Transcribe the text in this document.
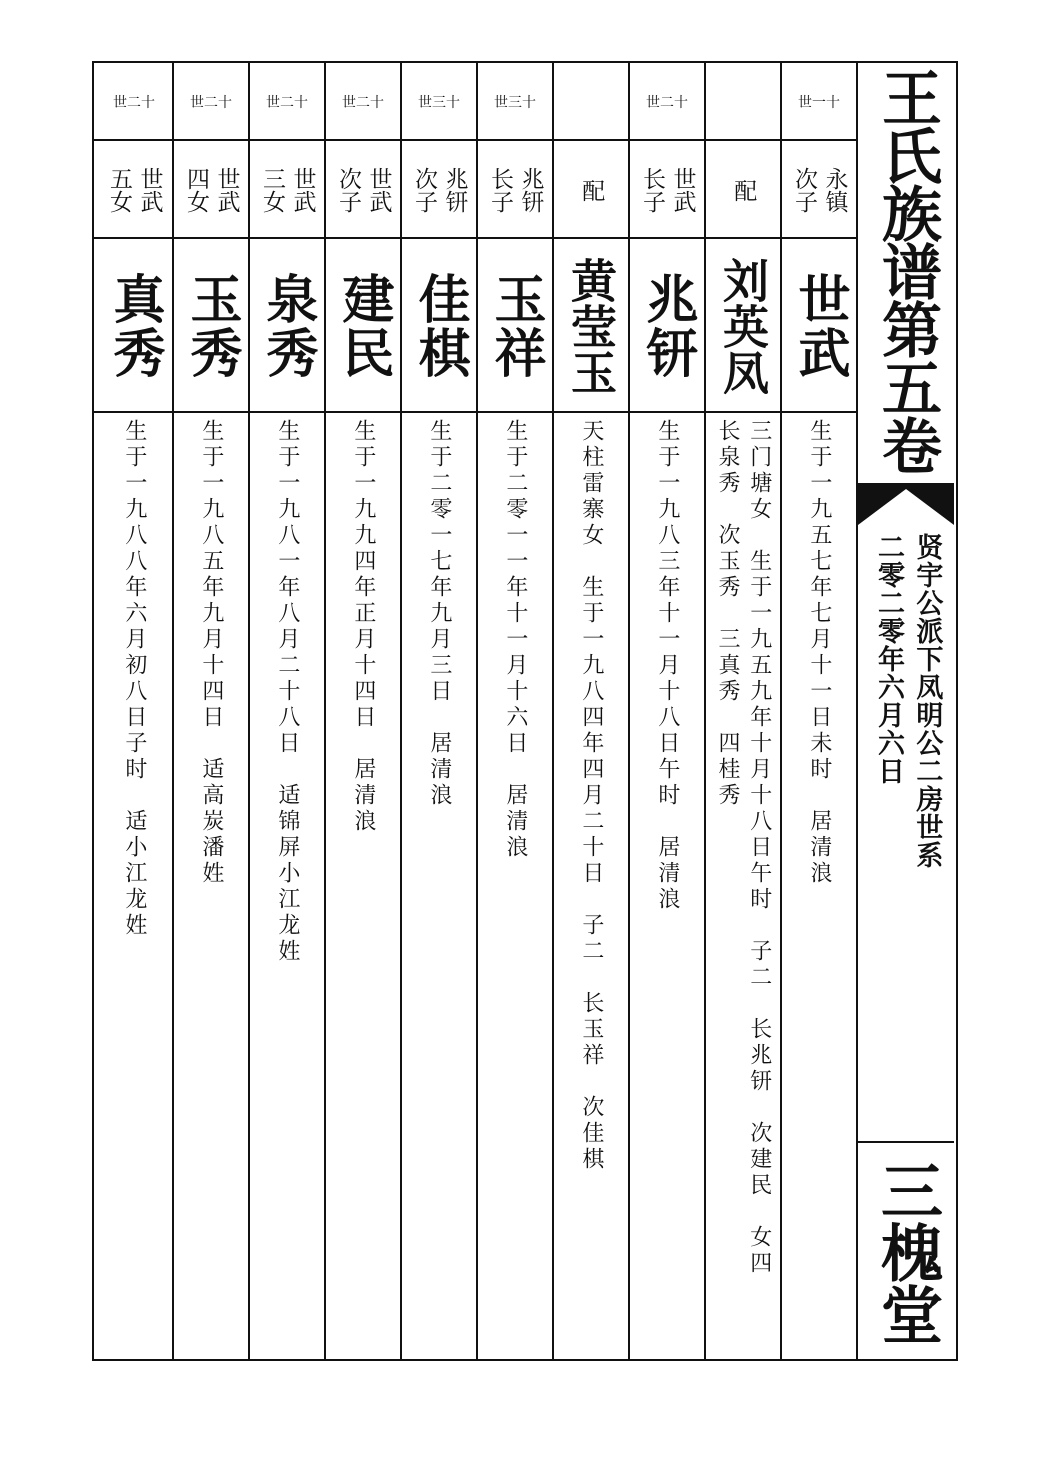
王氏族谱第五卷
贤宇公派下凤明公二房世系
二零二零年六月六日
三槐堂
世一十
永镇
次子
世武
生于一九五七年七月十一日未时　居清浪
配
刘英凤
三门塘女　生于一九五九年十月十八日午时　子二　长兆钘　次建民　女四
长泉秀　次玉秀　三真秀　四桂秀
世二十
世武
长子
兆钘
生于一九八三年十一月十八日午时　居清浪
配
黄莹玉
天柱雷寨女　生于一九八四年四月二十日　子二　长玉祥　次佳棋
世三十
兆钘
长子
玉祥
生于二零一一年十一月十六日　居清浪
世三十
兆钘
次子
佳棋
生于二零一七年九月三日　居清浪
世二十
世武
次子
建民
生于一九九四年正月十四日　居清浪
世二十
世武
三女
泉秀
生于一九八一年八月二十八日　适锦屏小江龙姓
世二十
世武
四女
玉秀
生于一九八五年九月十四日　适高炭潘姓
世二十
世武
五女
真秀
生于一九八八年六月初八日子时　适小江龙姓
